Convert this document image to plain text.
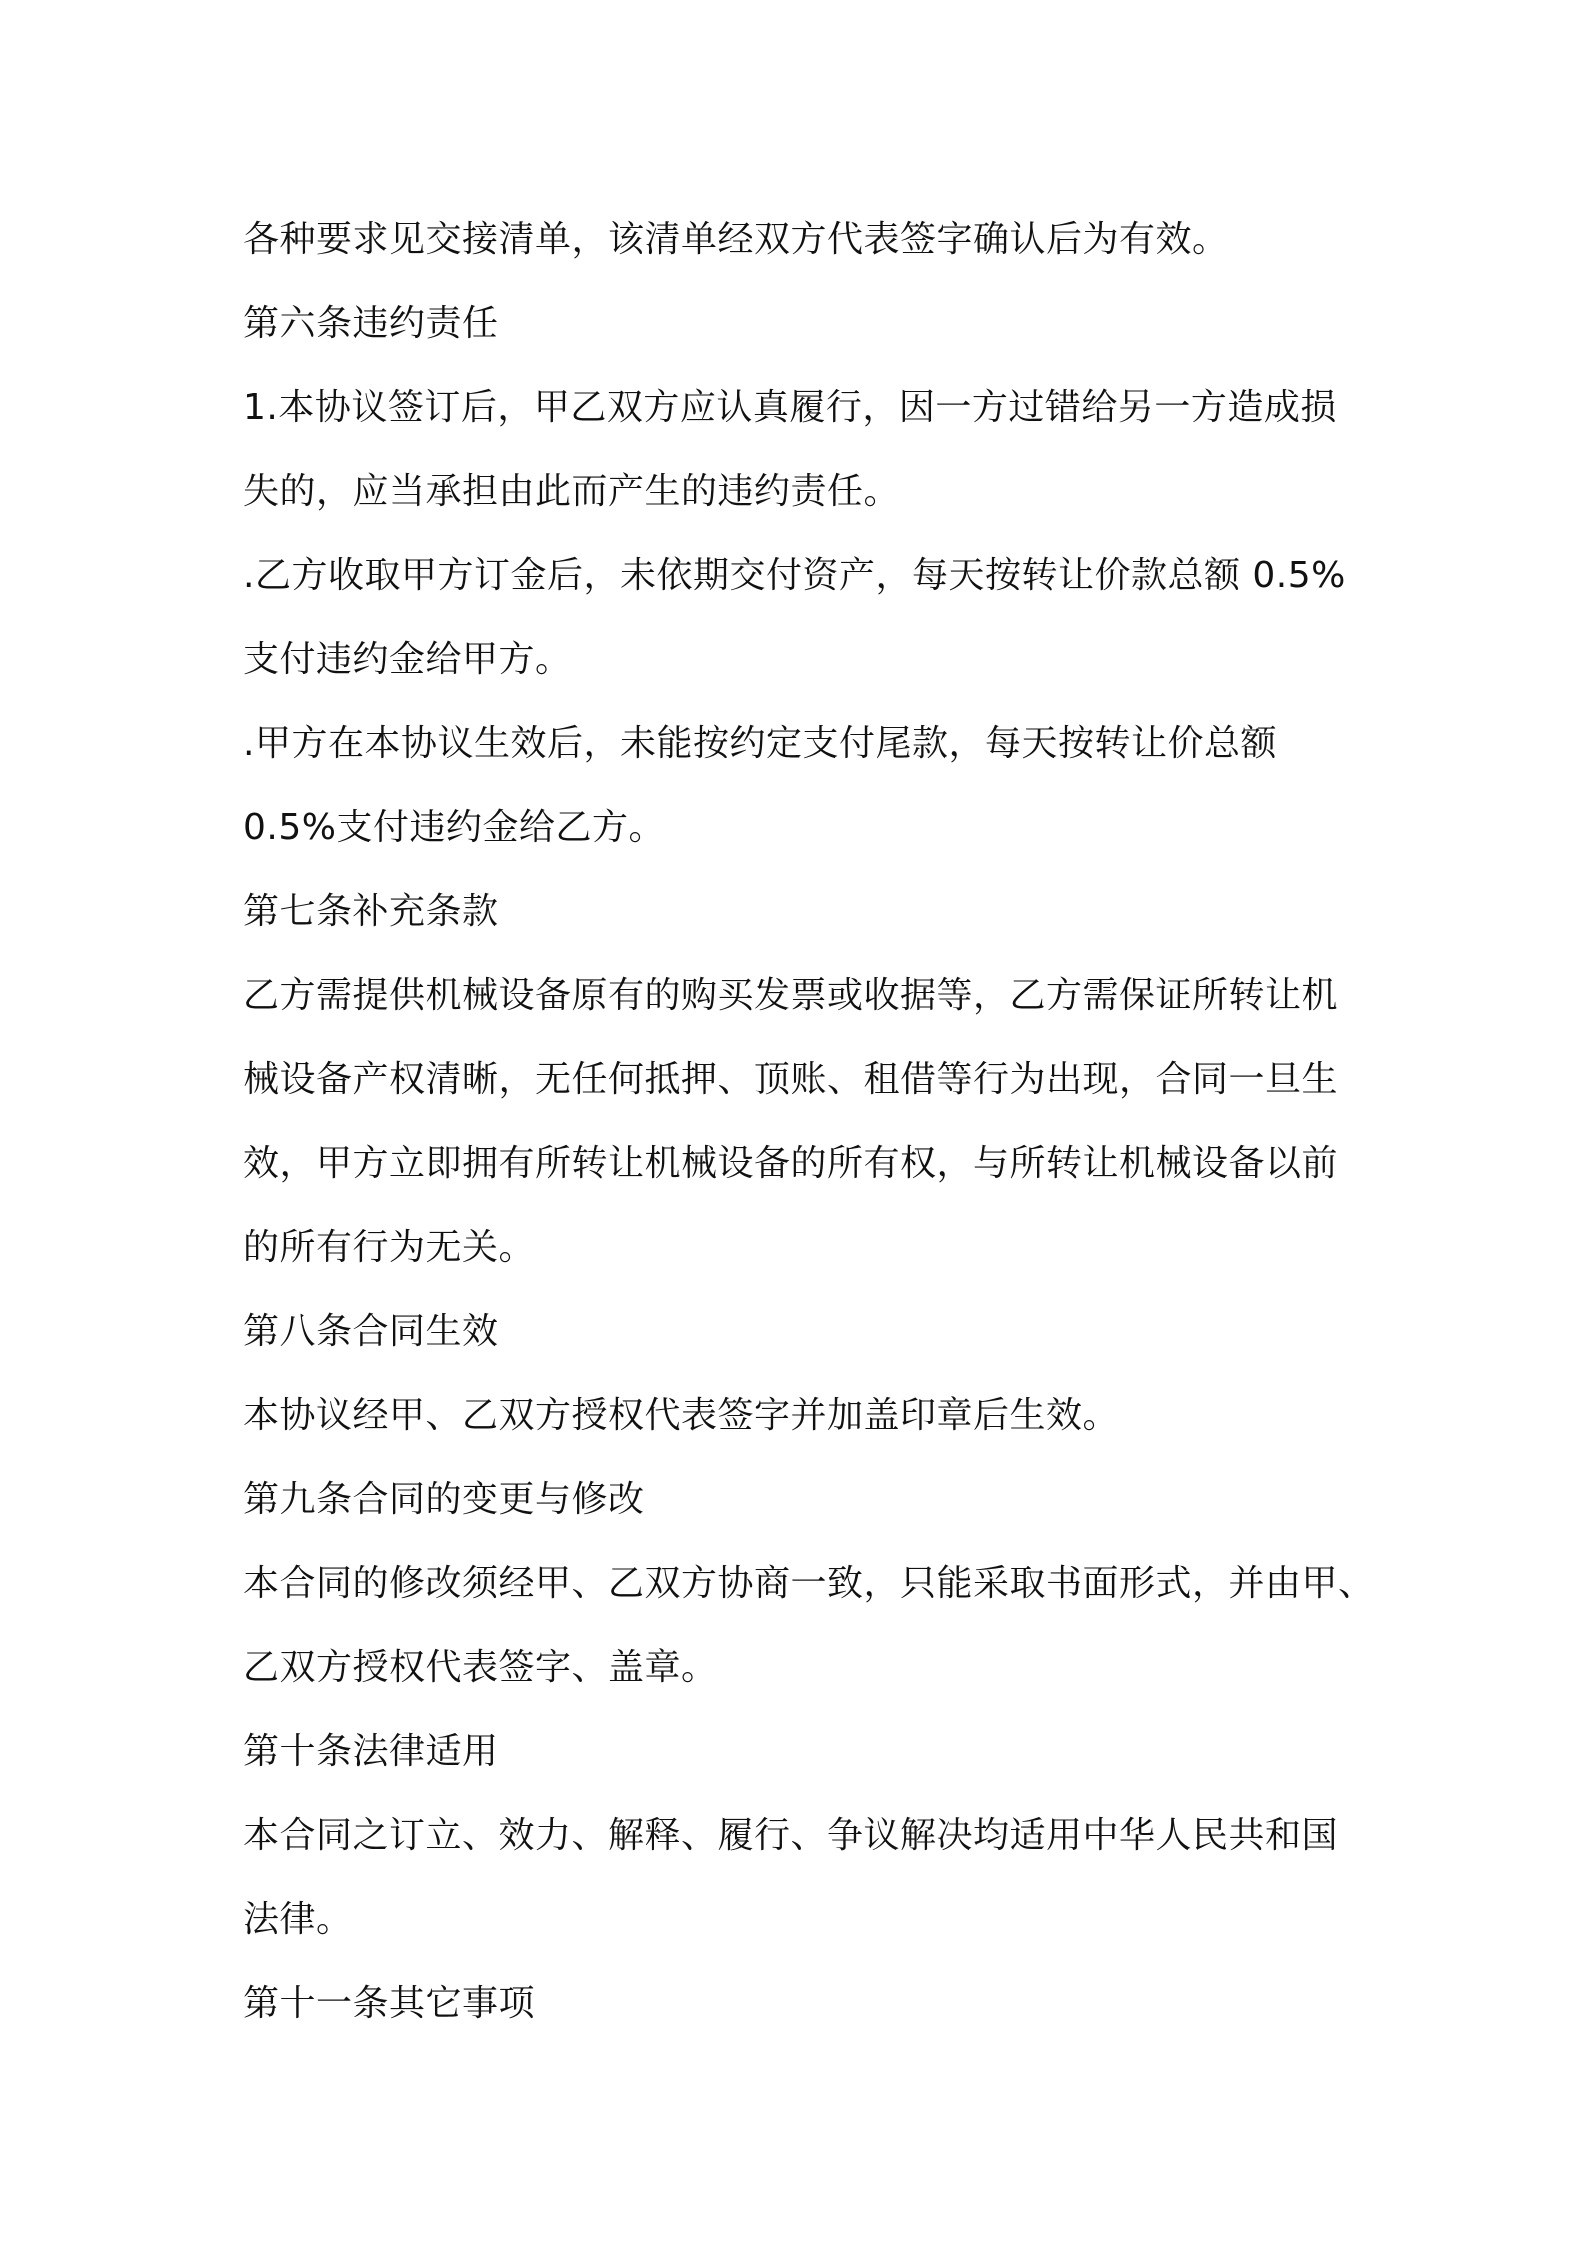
各种要求见交接清单，该清单经双方代表签字确认后为有效。
第六条违约责任
1.本协议签订后，甲乙双方应认真履行，因一方过错给另一方造成损
失的，应当承担由此而产生的违约责任。
.乙方收取甲方订金后，未依期交付资产，每天按转让价款总额 0.5%
支付违约金给甲方。
.甲方在本协议生效后，未能按约定支付尾款，每天按转让价总额
0.5%支付违约金给乙方。
第七条补充条款
乙方需提供机械设备原有的购买发票或收据等，乙方需保证所转让机
械设备产权清晰，无任何抵押、顶账、租借等行为出现，合同一旦生
效，甲方立即拥有所转让机械设备的所有权，与所转让机械设备以前
的所有行为无关。
第八条合同生效
本协议经甲、乙双方授权代表签字并加盖印章后生效。
第九条合同的变更与修改
本合同的修改须经甲、乙双方协商一致，只能采取书面形式，并由甲、
乙双方授权代表签字、盖章。
第十条法律适用
本合同之订立、效力、解释、履行、争议解决均适用中华人民共和国
法律。
第十一条其它事项
